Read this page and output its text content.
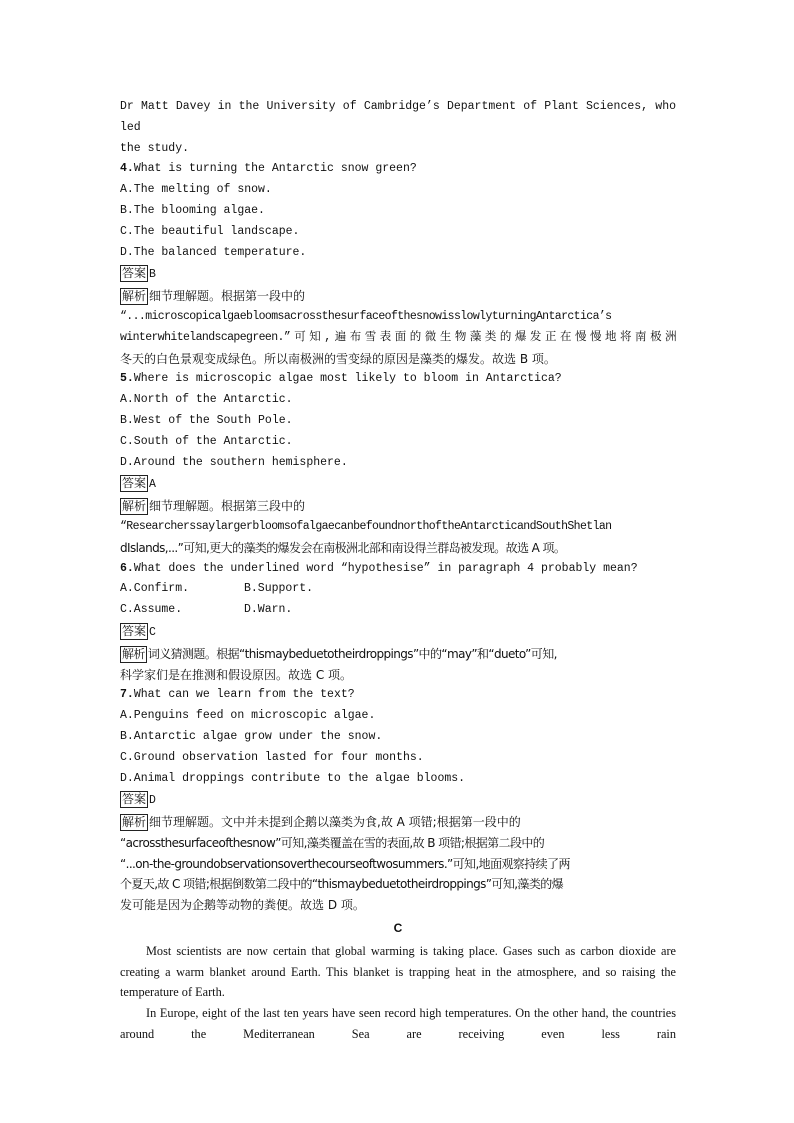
Dr Matt Davey in the University of Cambridge’s Department of Plant Sciences, who led

the study.

4.What is turning the Antarctic snow green?

A.The melting of snow.

B.The blooming algae.

C.The beautiful landscape.

D.The balanced temperature.

答案 B

解析 细节理解题。根据第一段中的

“...microscopicalgaebloomsacrossthesurfaceofthesnowisslowlyturningAntarctica’s

winterwhitelandscapegreen.”可知,遍布雪表面的微生物藻类的爆发正在慢慢地将南极洲

冬天的白色景观变成绿色。所以南极洲的雪变绿的原因是藻类的爆发。故选 B 项。

5.Where is microscopic algae most likely to bloom in Antarctica?

A.North of the Antarctic.

B.West of the South Pole.

C.South of the Antarctic.

D.Around the southern hemisphere.

答案 A

解析 细节理解题。根据第三段中的

“ResearcherssaylargerbloomsofalgaecanbefoundnorthoftheAntarcticandSouthShetlan

dIslands,...”可知,更大的藻类的爆发会在南极洲北部和南设得兰群岛被发现。故选 A 项。

6.What does the underlined word “hypothesise” in paragraph 4 probably mean?

A.Confirm.	B.Support.

C.Assume.	D.Warn.

答案 C

解析 词义猜测题。根据“thismaybeduetotheirdroppings”中的“may”和“dueto”可知,

科学家们是在推测和假设原因。故选 C 项。

7.What can we learn from the text?

A.Penguins feed on microscopic algae.

B.Antarctic algae grow under the snow.

C.Ground observation lasted for four months.

D.Animal droppings contribute to the algae blooms.

答案 D

解析 细节理解题。文中并未提到企鹅以藻类为食,故 A 项错;根据第一段中的

“acrossthesurfaceofthesnow”可知,藻类覆盖在雪的表面,故 B 项错;根据第二段中的

“...on-the-groundobservationsoverthecourseoftwosummers.”可知,地面观察持续了两

个夏天,故 C 项错;根据倒数第二段中的“thismaybeduetotheirdroppings”可知,藻类的爆

发可能是因为企鹅等动物的粪便。故选 D 项。

C

Most scientists are now certain that global warming is taking place. Gases such as carbon dioxide are creating a warm blanket around Earth. This blanket is trapping heat in the atmosphere, and so raising the temperature of Earth.

In Europe, eight of the last ten years have seen record high temperatures. On the other hand, the countries around the Mediterranean Sea are receiving even less rain
